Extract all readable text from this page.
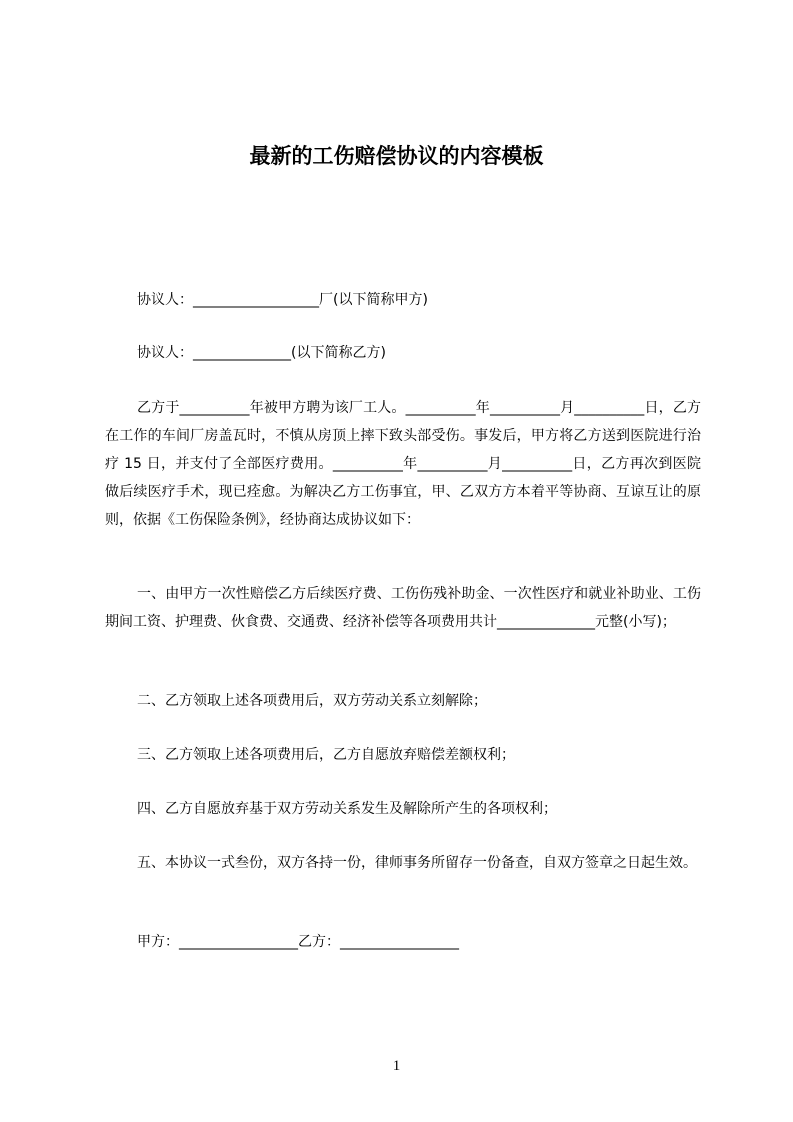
最新的工伤赔偿协议的内容模板
协议人：__________________厂(以下简称甲方)
协议人：______________(以下简称乙方)
乙方于__________年被甲方聘为该厂工人。__________年__________月__________日，乙方在工作的车间厂房盖瓦时，不慎从房顶上摔下致头部受伤。事发后，甲方将乙方送到医院进行治疗 15 日，并支付了全部医疗费用。__________年__________月__________日，乙方再次到医院做后续医疗手术，现已痊愈。为解决乙方工伤事宜，甲、乙双方方本着平等协商、互谅互让的原则，依据《工伤保险条例》，经协商达成协议如下：
一、由甲方一次性赔偿乙方后续医疗费、工伤伤残补助金、一次性医疗和就业补助业、工伤期间工资、护理费、伙食费、交通费、经济补偿等各项费用共计______________元整(小写)；
二、乙方领取上述各项费用后，双方劳动关系立刻解除；
三、乙方领取上述各项费用后，乙方自愿放弃赔偿差额权利；
四、乙方自愿放弃基于双方劳动关系发生及解除所产生的各项权利；
五、本协议一式叁份，双方各持一份，律师事务所留存一份备查，自双方签章之日起生效。
甲方：_________________乙方：_________________
1
